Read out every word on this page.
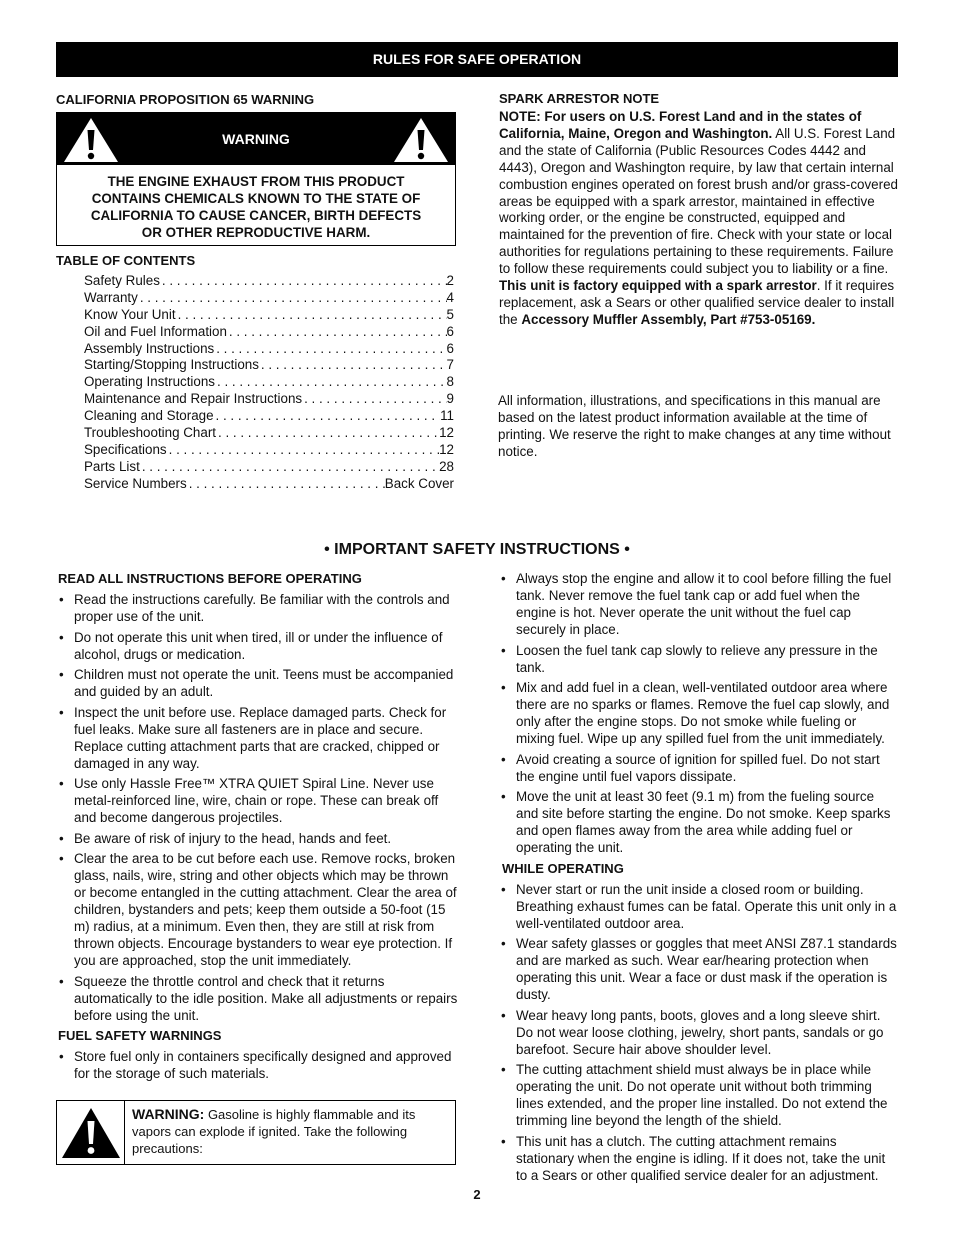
RULES FOR SAFE OPERATION
CALIFORNIA PROPOSITION 65 WARNING
WARNING
THE ENGINE EXHAUST FROM THIS PRODUCT
CONTAINS CHEMICALS KNOWN TO THE STATE OF
CALIFORNIA TO CAUSE CANCER, BIRTH DEFECTS
OR OTHER REPRODUCTIVE HARM.
TABLE OF CONTENTS
Safety Rules . . .	2
Warranty . . .	4
Know Your Unit . . .	5
Oil and Fuel Information . . .	6
Assembly Instructions . . .	6
Starting/Stopping Instructions . . .	7
Operating Instructions . . .	8
Maintenance and Repair Instructions . . .	9
Cleaning and Storage . . .	11
Troubleshooting Chart . . .	12
Specifications . . .	12
Parts List . . .	28
Service Numbers . . .	Back Cover
SPARK ARRESTOR NOTE
NOTE: For users on U.S. Forest Land and in the states of California, Maine, Oregon and Washington. All U.S. Forest Land and the state of California (Public Resources Codes 4442 and 4443), Oregon and Washington require, by law that certain internal combustion engines operated on forest brush and/or grass-covered areas be equipped with a spark arrestor, maintained in effective working order, or the engine be constructed, equipped and maintained for the prevention of fire. Check with your state or local authorities for regulations pertaining to these requirements. Failure to follow these requirements could subject you to liability or a fine. This unit is factory equipped with a spark arrestor. If it requires replacement, ask a Sears or other qualified service dealer to install the Accessory Muffler Assembly, Part #753-05169.
All information, illustrations, and specifications in this manual are based on the latest product information available at the time of printing. We reserve the right to make changes at any time without notice.
• IMPORTANT SAFETY INSTRUCTIONS •
READ ALL INSTRUCTIONS BEFORE OPERATING
• Read the instructions carefully. Be familiar with the controls and proper use of the unit.
• Do not operate this unit when tired, ill or under the influence of alcohol, drugs or medication.
• Children must not operate the unit. Teens must be accompanied and guided by an adult.
• Inspect the unit before use. Replace damaged parts. Check for fuel leaks. Make sure all fasteners are in place and secure. Replace cutting attachment parts that are cracked, chipped or damaged in any way.
• Use only Hassle Free™ XTRA QUIET Spiral Line. Never use metal-reinforced line, wire, chain or rope. These can break off and become dangerous projectiles.
• Be aware of risk of injury to the head, hands and feet.
• Clear the area to be cut before each use. Remove rocks, broken glass, nails, wire, string and other objects which may be thrown or become entangled in the cutting attachment. Clear the area of children, bystanders and pets; keep them outside a 50-foot (15 m) radius, at a minimum. Even then, they are still at risk from thrown objects. Encourage bystanders to wear eye protection. If you are approached, stop the unit immediately.
• Squeeze the throttle control and check that it returns automatically to the idle position. Make all adjustments or repairs before using the unit.
FUEL SAFETY WARNINGS
• Store fuel only in containers specifically designed and approved for the storage of such materials.
WARNING: Gasoline is highly flammable and its vapors can explode if ignited. Take the following precautions:
• Always stop the engine and allow it to cool before filling the fuel tank. Never remove the fuel tank cap or add fuel when the engine is hot. Never operate the unit without the fuel cap securely in place.
• Loosen the fuel tank cap slowly to relieve any pressure in the tank.
• Mix and add fuel in a clean, well-ventilated outdoor area where there are no sparks or flames. Remove the fuel cap slowly, and only after the engine stops. Do not smoke while fueling or mixing fuel. Wipe up any spilled fuel from the unit immediately.
• Avoid creating a source of ignition for spilled fuel. Do not start the engine until fuel vapors dissipate.
• Move the unit at least 30 feet (9.1 m) from the fueling source and site before starting the engine. Do not smoke. Keep sparks and open flames away from the area while adding fuel or operating the unit.
WHILE OPERATING
• Never start or run the unit inside a closed room or building. Breathing exhaust fumes can be fatal. Operate this unit only in a well-ventilated outdoor area.
• Wear safety glasses or goggles that meet ANSI Z87.1 standards and are marked as such. Wear ear/hearing protection when operating this unit. Wear a face or dust mask if the operation is dusty.
• Wear heavy long pants, boots, gloves and a long sleeve shirt. Do not wear loose clothing, jewelry, short pants, sandals or go barefoot. Secure hair above shoulder level.
• The cutting attachment shield must always be in place while operating the unit. Do not operate unit without both trimming lines extended, and the proper line installed. Do not extend the trimming line beyond the length of the shield.
• This unit has a clutch. The cutting attachment remains stationary when the engine is idling. If it does not, take the unit to a Sears or other qualified service dealer for an adjustment.
2
